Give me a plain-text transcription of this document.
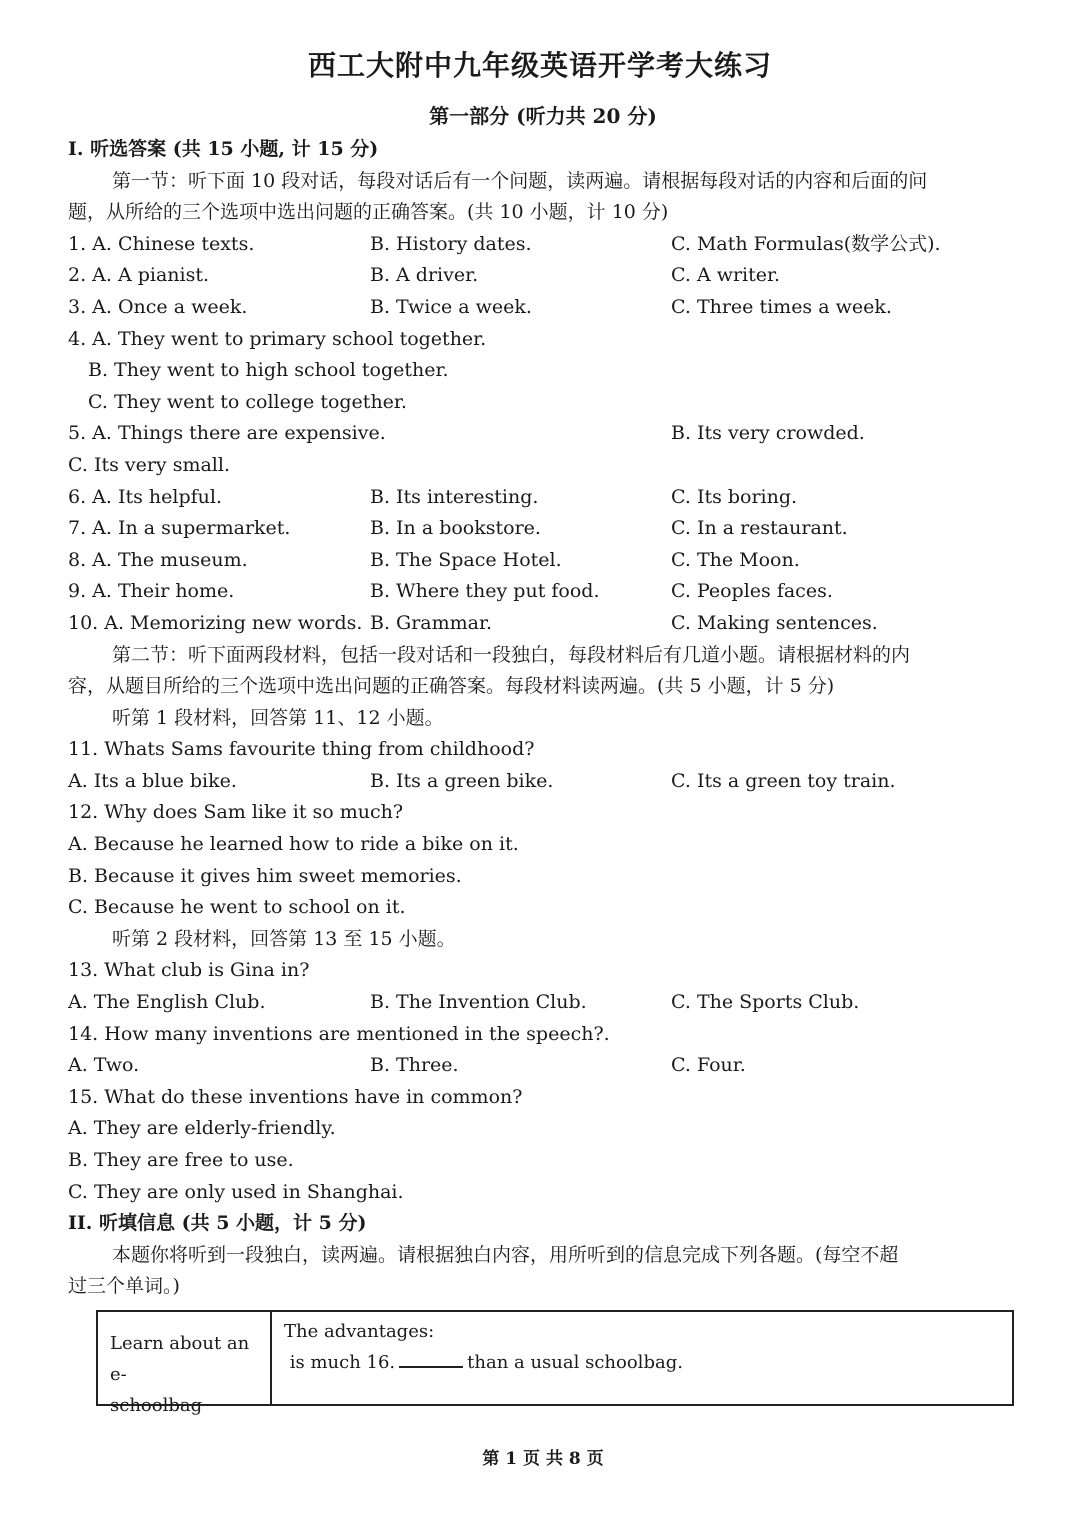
西工大附中九年级英语开学考大练习
第一部分 (听力共 20 分)
I. 听选答案 (共 15 小题, 计 15 分)
第一节：听下面 10 段对话，每段对话后有一个问题，读两遍。请根据每段对话的内容和后面的问
题，从所给的三个选项中选出问题的正确答案。(共 10 小题，计 10 分)
1. A. Chinese texts.	B. History dates.	C. Math Formulas(数学公式).
2. A. A pianist.	B. A driver.	C. A writer.
3. A. Once a week.	B. Twice a week.	C. Three times a week.
4. A. They went to primary school together.
B. They went to high school together.
C. They went to college together.
5. A. Things there are expensive.	B. Its very crowded.
C. Its very small.
6. A. Its helpful.	B. Its interesting.	C. Its boring.
7. A. In a supermarket.	B. In a bookstore.	C. In a restaurant.
8. A. The museum.	B. The Space Hotel.	C. The Moon.
9. A. Their home.	B. Where they put food.	C. Peoples faces.
10. A. Memorizing new words. B. Grammar.	C. Making sentences.
第二节：听下面两段材料，包括一段对话和一段独白，每段材料后有几道小题。请根据材料的内
容，从题目所给的三个选项中选出问题的正确答案。每段材料读两遍。(共 5 小题，计 5 分)
听第 1 段材料，回答第 11、12 小题。
11. Whats Sams favourite thing from childhood?
A. Its a blue bike.	B. Its a green bike.	C. Its a green toy train.
12. Why does Sam like it so much?
A. Because he learned how to ride a bike on it.
B. Because it gives him sweet memories.
C. Because he went to school on it.
听第 2 段材料，回答第 13 至 15 小题。
13. What club is Gina in?
A. The English Club.	B. The Invention Club.	C. The Sports Club.
14. How many inventions are mentioned in the speech?.
A. Two.	B. Three.	C. Four.
15. What do these inventions have in common?
A. They are elderly-friendly.
B. They are free to use.
C. They are only used in Shanghai.
II. 听填信息 (共 5 小题，计 5 分)
本题你将听到一段独白，读两遍。请根据独白内容，用所听到的信息完成下列各题。(每空不超
过三个单词。)
Learn about an e-
schoolbag
The advantages:
is much 16.	than a usual schoolbag.
第 1 页 共 8 页
